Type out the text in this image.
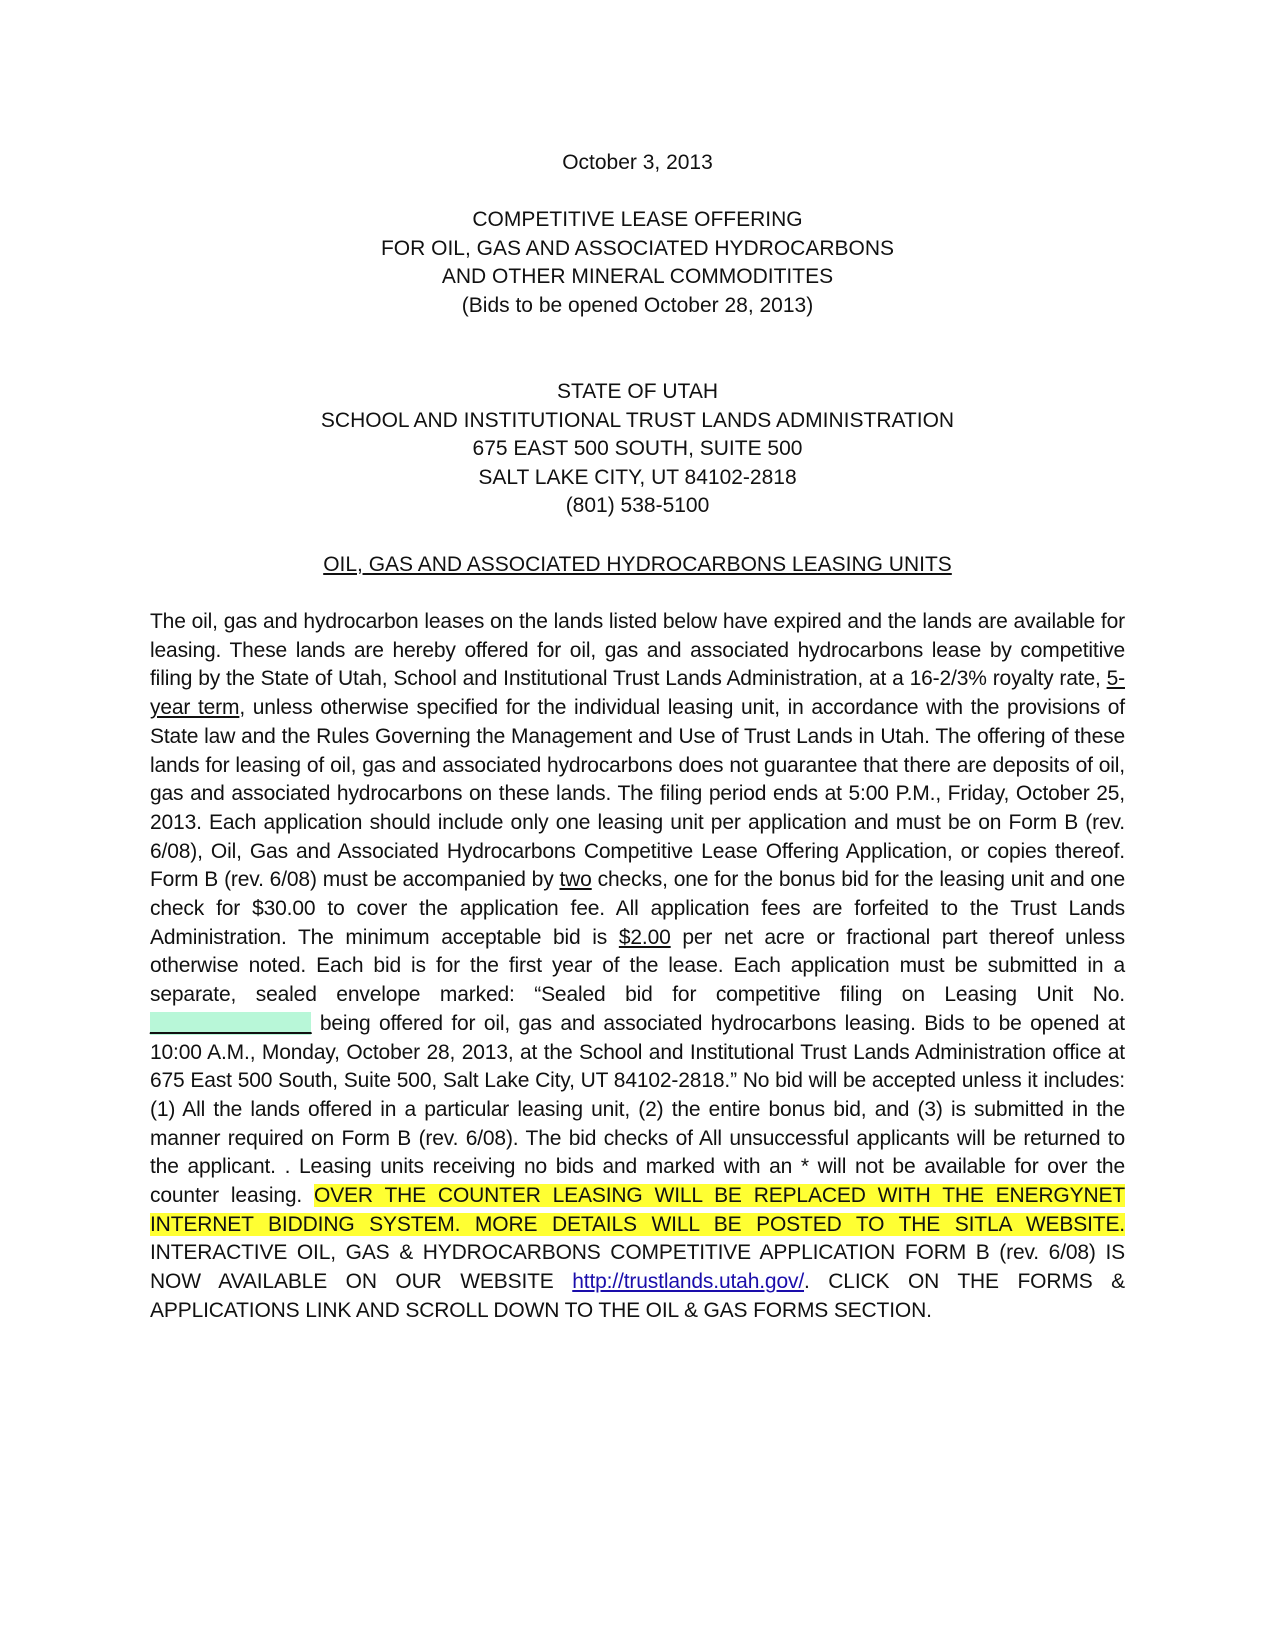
October 3, 2013
COMPETITIVE LEASE OFFERING
FOR OIL, GAS AND ASSOCIATED HYDROCARBONS
AND OTHER MINERAL COMMODITITES
(Bids to be opened October 28, 2013)
STATE OF UTAH
SCHOOL AND INSTITUTIONAL TRUST LANDS ADMINISTRATION
675 EAST 500 SOUTH, SUITE 500
SALT LAKE CITY, UT 84102-2818
(801) 538-5100
OIL, GAS AND ASSOCIATED HYDROCARBONS LEASING UNITS
The oil, gas and hydrocarbon leases on the lands listed below have expired and the lands are available for leasing. These lands are hereby offered for oil, gas and associated hydrocarbons lease by competitive filing by the State of Utah, School and Institutional Trust Lands Administration, at a 16-2/3% royalty rate, 5-year term, unless otherwise specified for the individual leasing unit, in accordance with the provisions of State law and the Rules Governing the Management and Use of Trust Lands in Utah. The offering of these lands for leasing of oil, gas and associated hydrocarbons does not guarantee that there are deposits of oil, gas and associated hydrocarbons on these lands. The filing period ends at 5:00 P.M., Friday, October 25, 2013. Each application should include only one leasing unit per application and must be on Form B (rev. 6/08), Oil, Gas and Associated Hydrocarbons Competitive Lease Offering Application, or copies thereof. Form B (rev. 6/08) must be accompanied by two checks, one for the bonus bid for the leasing unit and one check for $30.00 to cover the application fee. All application fees are forfeited to the Trust Lands Administration. The minimum acceptable bid is $2.00 per net acre or fractional part thereof unless otherwise noted. Each bid is for the first year of the lease. Each application must be submitted in a separate, sealed envelope marked: “Sealed bid for competitive filing on Leasing Unit No. ______________ being offered for oil, gas and associated hydrocarbons leasing. Bids to be opened at 10:00 A.M., Monday, October 28, 2013, at the School and Institutional Trust Lands Administration office at 675 East 500 South, Suite 500, Salt Lake City, UT 84102-2818.” No bid will be accepted unless it includes: (1) All the lands offered in a particular leasing unit, (2) the entire bonus bid, and (3) is submitted in the manner required on Form B (rev. 6/08). The bid checks of All unsuccessful applicants will be returned to the applicant. . Leasing units receiving no bids and marked with an * will not be available for over the counter leasing. OVER THE COUNTER LEASING WILL BE REPLACED WITH THE ENERGYNET INTERNET BIDDING SYSTEM. MORE DETAILS WILL BE POSTED TO THE SITLA WEBSITE. INTERACTIVE OIL, GAS & HYDROCARBONS COMPETITIVE APPLICATION FORM B (rev. 6/08) IS NOW AVAILABLE ON OUR WEBSITE http://trustlands.utah.gov/. CLICK ON THE FORMS & APPLICATIONS LINK AND SCROLL DOWN TO THE OIL & GAS FORMS SECTION.
